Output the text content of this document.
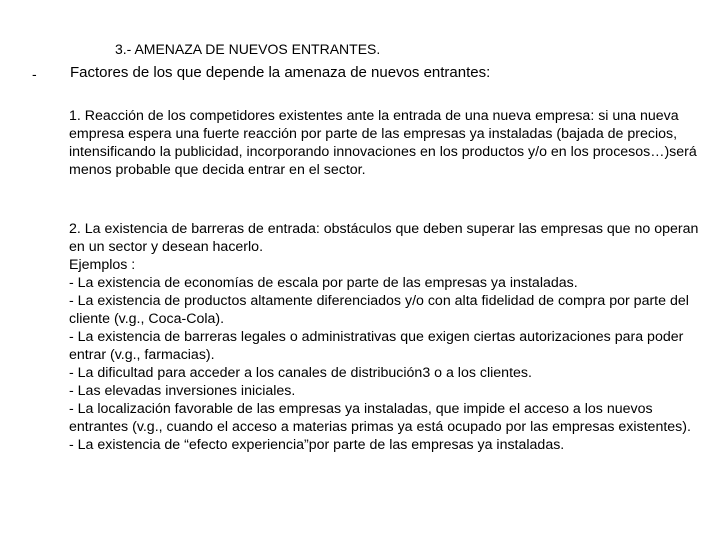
3.- AMENAZA DE NUEVOS ENTRANTES.
- Factores de los que depende la amenaza de nuevos entrantes:

1. Reacción de los competidores existentes ante la entrada de una nueva empresa: si una nueva empresa espera una fuerte reacción por parte de las empresas ya instaladas (bajada de precios, intensificando la publicidad, incorporando innovaciones en los productos y/o en los procesos…)será menos probable que decida entrar en el sector.

2. La existencia de barreras de entrada: obstáculos que deben superar las empresas que no operan en un sector y desean hacerlo.
Ejemplos :
- La existencia de economías de escala por parte de las empresas ya instaladas.
- La existencia de productos altamente diferenciados y/o con alta fidelidad de compra por parte del cliente (v.g., Coca-Cola).
- La existencia de barreras legales o administrativas que exigen ciertas autorizaciones para poder entrar (v.g., farmacias).
- La dificultad para acceder a los canales de distribución3 o a los clientes.
- Las elevadas inversiones iniciales.
- La localización favorable de las empresas ya instaladas, que impide el acceso a los nuevos entrantes (v.g., cuando el acceso a materias primas ya está ocupado por las empresas existentes).
- La existencia de “efecto experiencia”por parte de las empresas ya instaladas.
